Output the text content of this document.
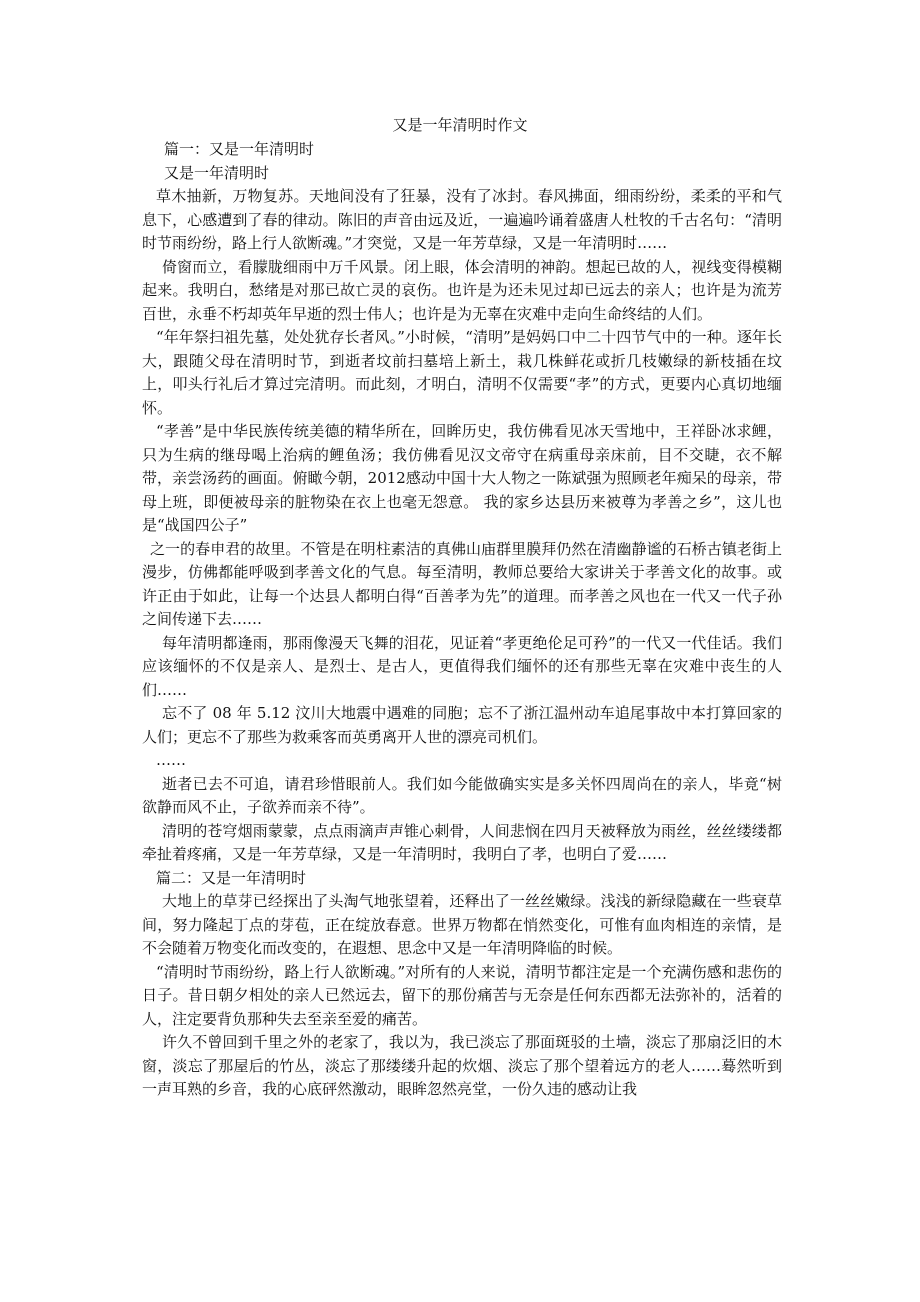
又是一年清明时作文

篇一：又是一年清明时

又是一年清明时

草木抽新，万物复苏。天地间没有了狂暴，没有了冰封。春风拂面，细雨纷纷，柔柔的平和气息下，心感遭到了春的律动。陈旧的声音由远及近，一遍遍吟诵着盛唐人杜牧的千古名句：“清明时节雨纷纷，路上行人欲断魂。”才突觉，又是一年芳草绿，又是一年清明时……

倚窗而立，看朦胧细雨中万千风景。闭上眼，体会清明的神韵。想起已故的人，视线变得模糊起来。我明白，愁绪是对那已故亡灵的哀伤。也许是为还未见过却已远去的亲人；也许是为流芳百世，永垂不朽却英年早逝的烈士伟人；也许是为无辜在灾难中走向生命终结的人们。

“年年祭扫祖先墓，处处犹存长者风。”小时候，“清明”是妈妈口中二十四节气中的一种。逐年长大，跟随父母在清明时节，到逝者坟前扫墓培上新土，栽几株鲜花或折几枝嫩绿的新枝插在坟上，叩头行礼后才算过完清明。而此刻，才明白，清明不仅需要“孝”的方式，更要内心真切地缅怀。

“孝善”是中华民族传统美德的精华所在，回眸历史，我仿佛看见冰天雪地中，王祥卧冰求鲤，只为生病的继母喝上治病的鲤鱼汤；我仿佛看见汉文帝守在病重母亲床前，目不交睫，衣不解带，亲尝汤药的画面。俯瞰今朝，2012感动中国十大人物之一陈斌强为照顾老年痴呆的母亲，带母上班，即便被母亲的脏物染在衣上也毫无怨意。 我的家乡达县历来被尊为孝善之乡”，这儿也是“战国四公子”

之一的春申君的故里。不管是在明柱素洁的真佛山庙群里膜拜仍然在清幽静谧的石桥古镇老街上漫步，仿佛都能呼吸到孝善文化的气息。每至清明，教师总要给大家讲关于孝善文化的故事。或许正由于如此，让每一个达县人都明白得“百善孝为先”的道理。而孝善之风也在一代又一代子孙之间传递下去……

每年清明都逢雨，那雨像漫天飞舞的泪花，见证着“孝更绝伦足可矜”的一代又一代佳话。我们应该缅怀的不仅是亲人、是烈士、是古人，更值得我们缅怀的还有那些无辜在灾难中丧生的人们……

忘不了 08 年 5.12 汶川大地震中遇难的同胞；忘不了浙江温州动车追尾事故中本打算回家的人们；更忘不了那些为救乘客而英勇离开人世的漂亮司机们。

……

逝者已去不可追，请君珍惜眼前人。我们如今能做确实实是多关怀四周尚在的亲人，毕竟“树欲静而风不止，子欲养而亲不待”。

清明的苍穹烟雨蒙蒙，点点雨滴声声锥心刺骨，人间悲悯在四月天被释放为雨丝，丝丝缕缕都牵扯着疼痛，又是一年芳草绿，又是一年清明时，我明白了孝，也明白了爱……

篇二：又是一年清明时

大地上的草芽已经探出了头淘气地张望着，还释出了一丝丝嫩绿。浅浅的新绿隐藏在一些衰草间，努力隆起丁点的芽苞，正在绽放春意。世界万物都在悄然变化，可惟有血肉相连的亲情，是不会随着万物变化而改变的，在遐想、思念中又是一年清明降临的时候。

“清明时节雨纷纷，路上行人欲断魂。”对所有的人来说，清明节都注定是一个充满伤感和悲伤的日子。昔日朝夕相处的亲人已然远去，留下的那份痛苦与无奈是任何东西都无法弥补的，活着的人，注定要背负那种失去至亲至爱的痛苦。

许久不曾回到千里之外的老家了，我以为，我已淡忘了那面斑驳的土墙，淡忘了那扇泛旧的木窗，淡忘了那屋后的竹丛，淡忘了那缕缕升起的炊烟、淡忘了那个望着远方的老人……蓦然听到一声耳熟的乡音，我的心底砰然激动，眼眸忽然亮堂，一份久违的感动让我
